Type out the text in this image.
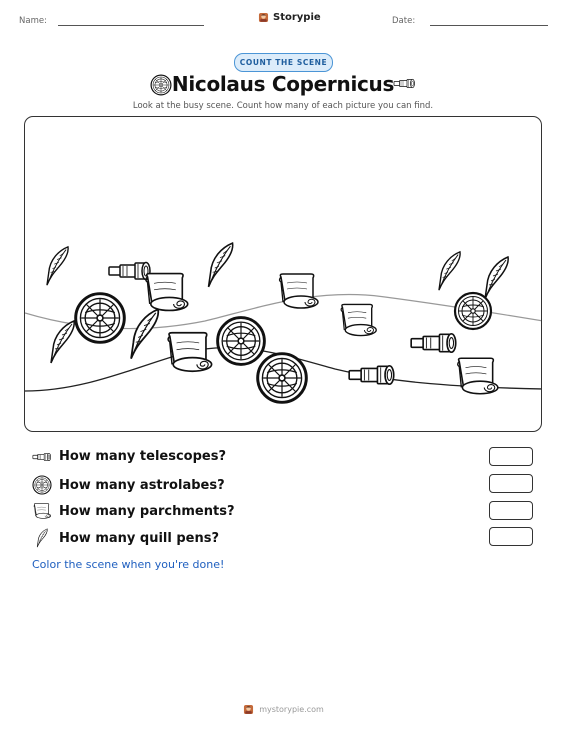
Name:	Storypie	Date:
COUNT THE SCENE
Nicolaus Copernicus
Look at the busy scene. Count how many of each picture you can find.
How many telescopes?
How many astrolabes?
How many parchments?
How many quill pens?
Color the scene when you're done!
mystorypie.com
